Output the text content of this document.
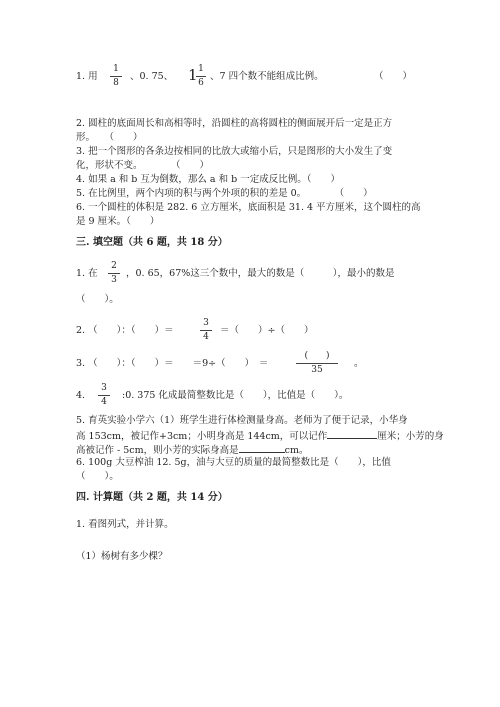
1. 用
1
8
、0. 75、 1 1
6
、7 四个数不能组成比例。	（　　）
2. 圆柱的底面周长和高相等时，沿圆柱的高将圆柱的侧面展开后一定是正方
形。　　（　　）
3. 把一个图形的各条边按相同的比放大或缩小后，只是图形的大小发生了变
化，形状不变。　　　　（　　）
4. 如果 a 和 b 互为倒数，那么 a 和 b 一定成反比例。（　　）
5. 在比例里，两个内项的积与两个外项的积的差是 0。　　　　（　　）
6. 一个圆柱的体积是 282. 6 立方厘米，底面积是 31. 4 平方厘米，这个圆柱的高
是 9 厘米。（　　）
三. 填空题（共 6 题，共 18 分）
1. 在
2
3
，0. 65，67%这三个数中，最大的数是（　　　），最小的数是
（　　）。
2. （　　）：（　　）＝
3
4
＝（　　）÷（　　）
3. （　　）：（　　）＝　　＝9÷（　　）　＝
(　　)
35
。
4.
3
4
:0. 375 化成最简整数比是（　　），比值是（　　）。
5. 育英实验小学六（1）班学生进行体检测量身高。老师为了便于记录，小华身
高 153cm，被记作+3cm；小明身高是 144cm，可以记作	厘米；小芳的身
高被记作 - 5cm，则小芳的实际身高是	cm。
6. 100g 大豆榨油 12. 5g，油与大豆的质量的最简整数比是（　　），比值
（　　）。
四. 计算题（共 2 题，共 14 分）
1. 看图列式，并计算。
（1）杨树有多少棵？
